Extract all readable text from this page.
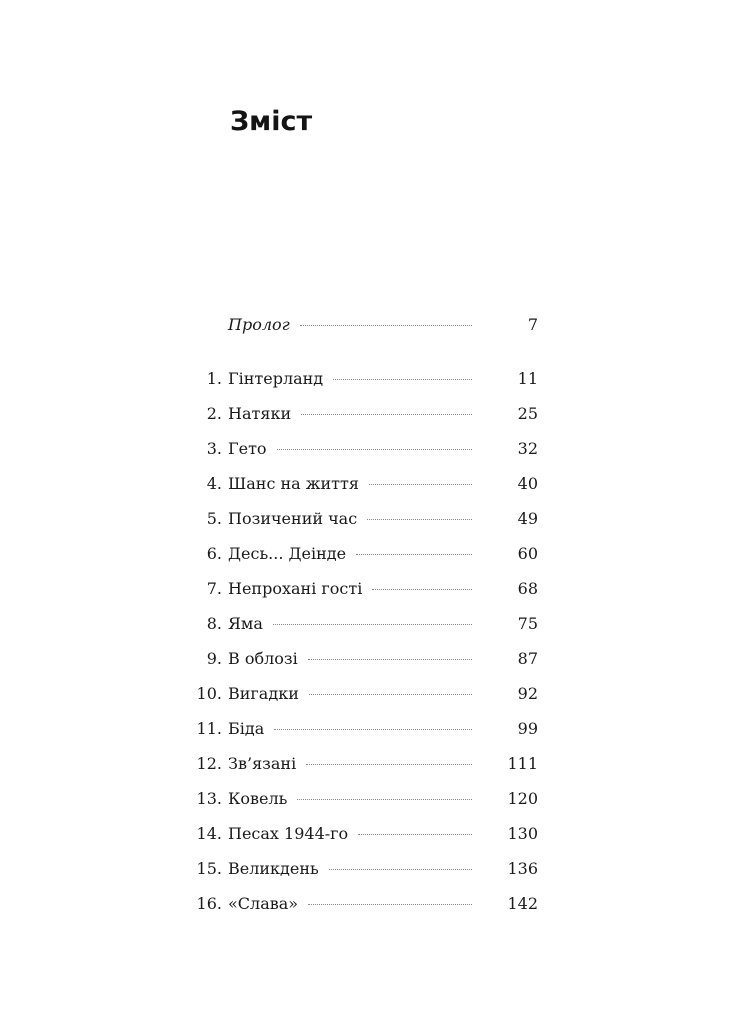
Зміст
Пролог	7
1. Гінтерланд	11
2. Натяки	25
3. Гето	32
4. Шанс на життя	40
5. Позичений час	49
6. Десь... Деінде	60
7. Непрохані гості	68
8. Яма	75
9. В облозі	87
10. Вигадки	92
11. Біда	99
12. Зв’язані	111
13. Ковель	120
14. Песах 1944-го	130
15. Великдень	136
16. «Слава»	142
